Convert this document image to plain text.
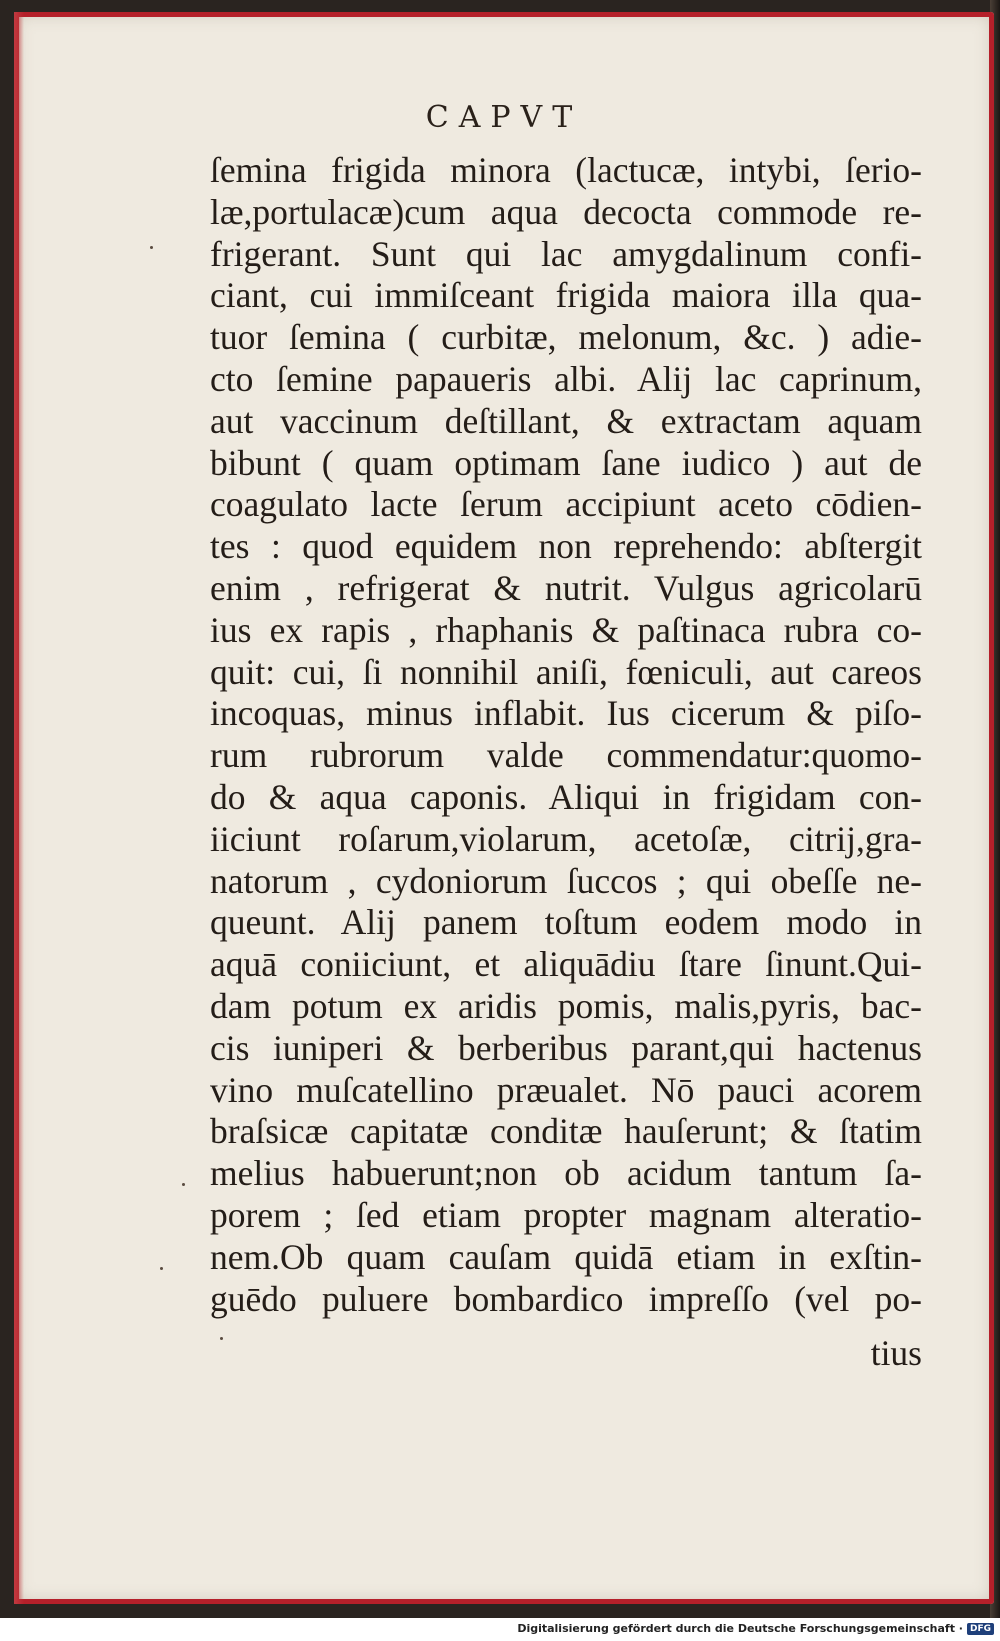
CAPVT
ſemina frigida minora (lactucæ, intybi, ſerio-
læ,portulacæ)cum aqua decocta commode re-
frigerant. Sunt qui lac amygdalinum confi-
ciant, cui immiſceant frigida maiora illa qua-
tuor ſemina ( curbitæ, melonum, &c. ) adie-
cto ſemine papaueris albi. Alij lac caprinum,
aut vaccinum deſtillant, & extractam aquam
bibunt ( quam optimam ſane iudico ) aut de
coagulato lacte ſerum accipiunt aceto cōdien-
tes : quod equidem non reprehendo: abſtergit
enim , refrigerat & nutrit. Vulgus agricolarū
ius ex rapis , rhaphanis & paſtinaca rubra co-
quit: cui, ſi nonnihil aniſi, fœniculi, aut careos
incoquas, minus inflabit. Ius cicerum & piſo-
rum rubrorum valde commendatur:quomo-
do & aqua caponis. Aliqui in frigidam con-
iiciunt roſarum,violarum, acetoſæ, citrij,gra-
natorum , cydoniorum ſuccos ; qui obeſſe ne-
queunt. Alij panem toſtum eodem modo in
aquā coniiciunt, et aliquādiu ſtare ſinunt.Qui-
dam potum ex aridis pomis, malis,pyris, bac-
cis iuniperi & berberibus parant,qui hactenus
vino muſcatellino præualet. Nō pauci acorem
braſsicæ capitatæ conditæ hauſerunt; & ſtatim
melius habuerunt;non ob acidum tantum ſa-
porem ; ſed etiam propter magnam alteratio-
nem.Ob quam cauſam quidā etiam in exſtin-
guēdo puluere bombardico impreſſo (vel po-
tius
Digitalisierung gefördert durch die Deutsche Forschungsgemeinschaft · DFG
